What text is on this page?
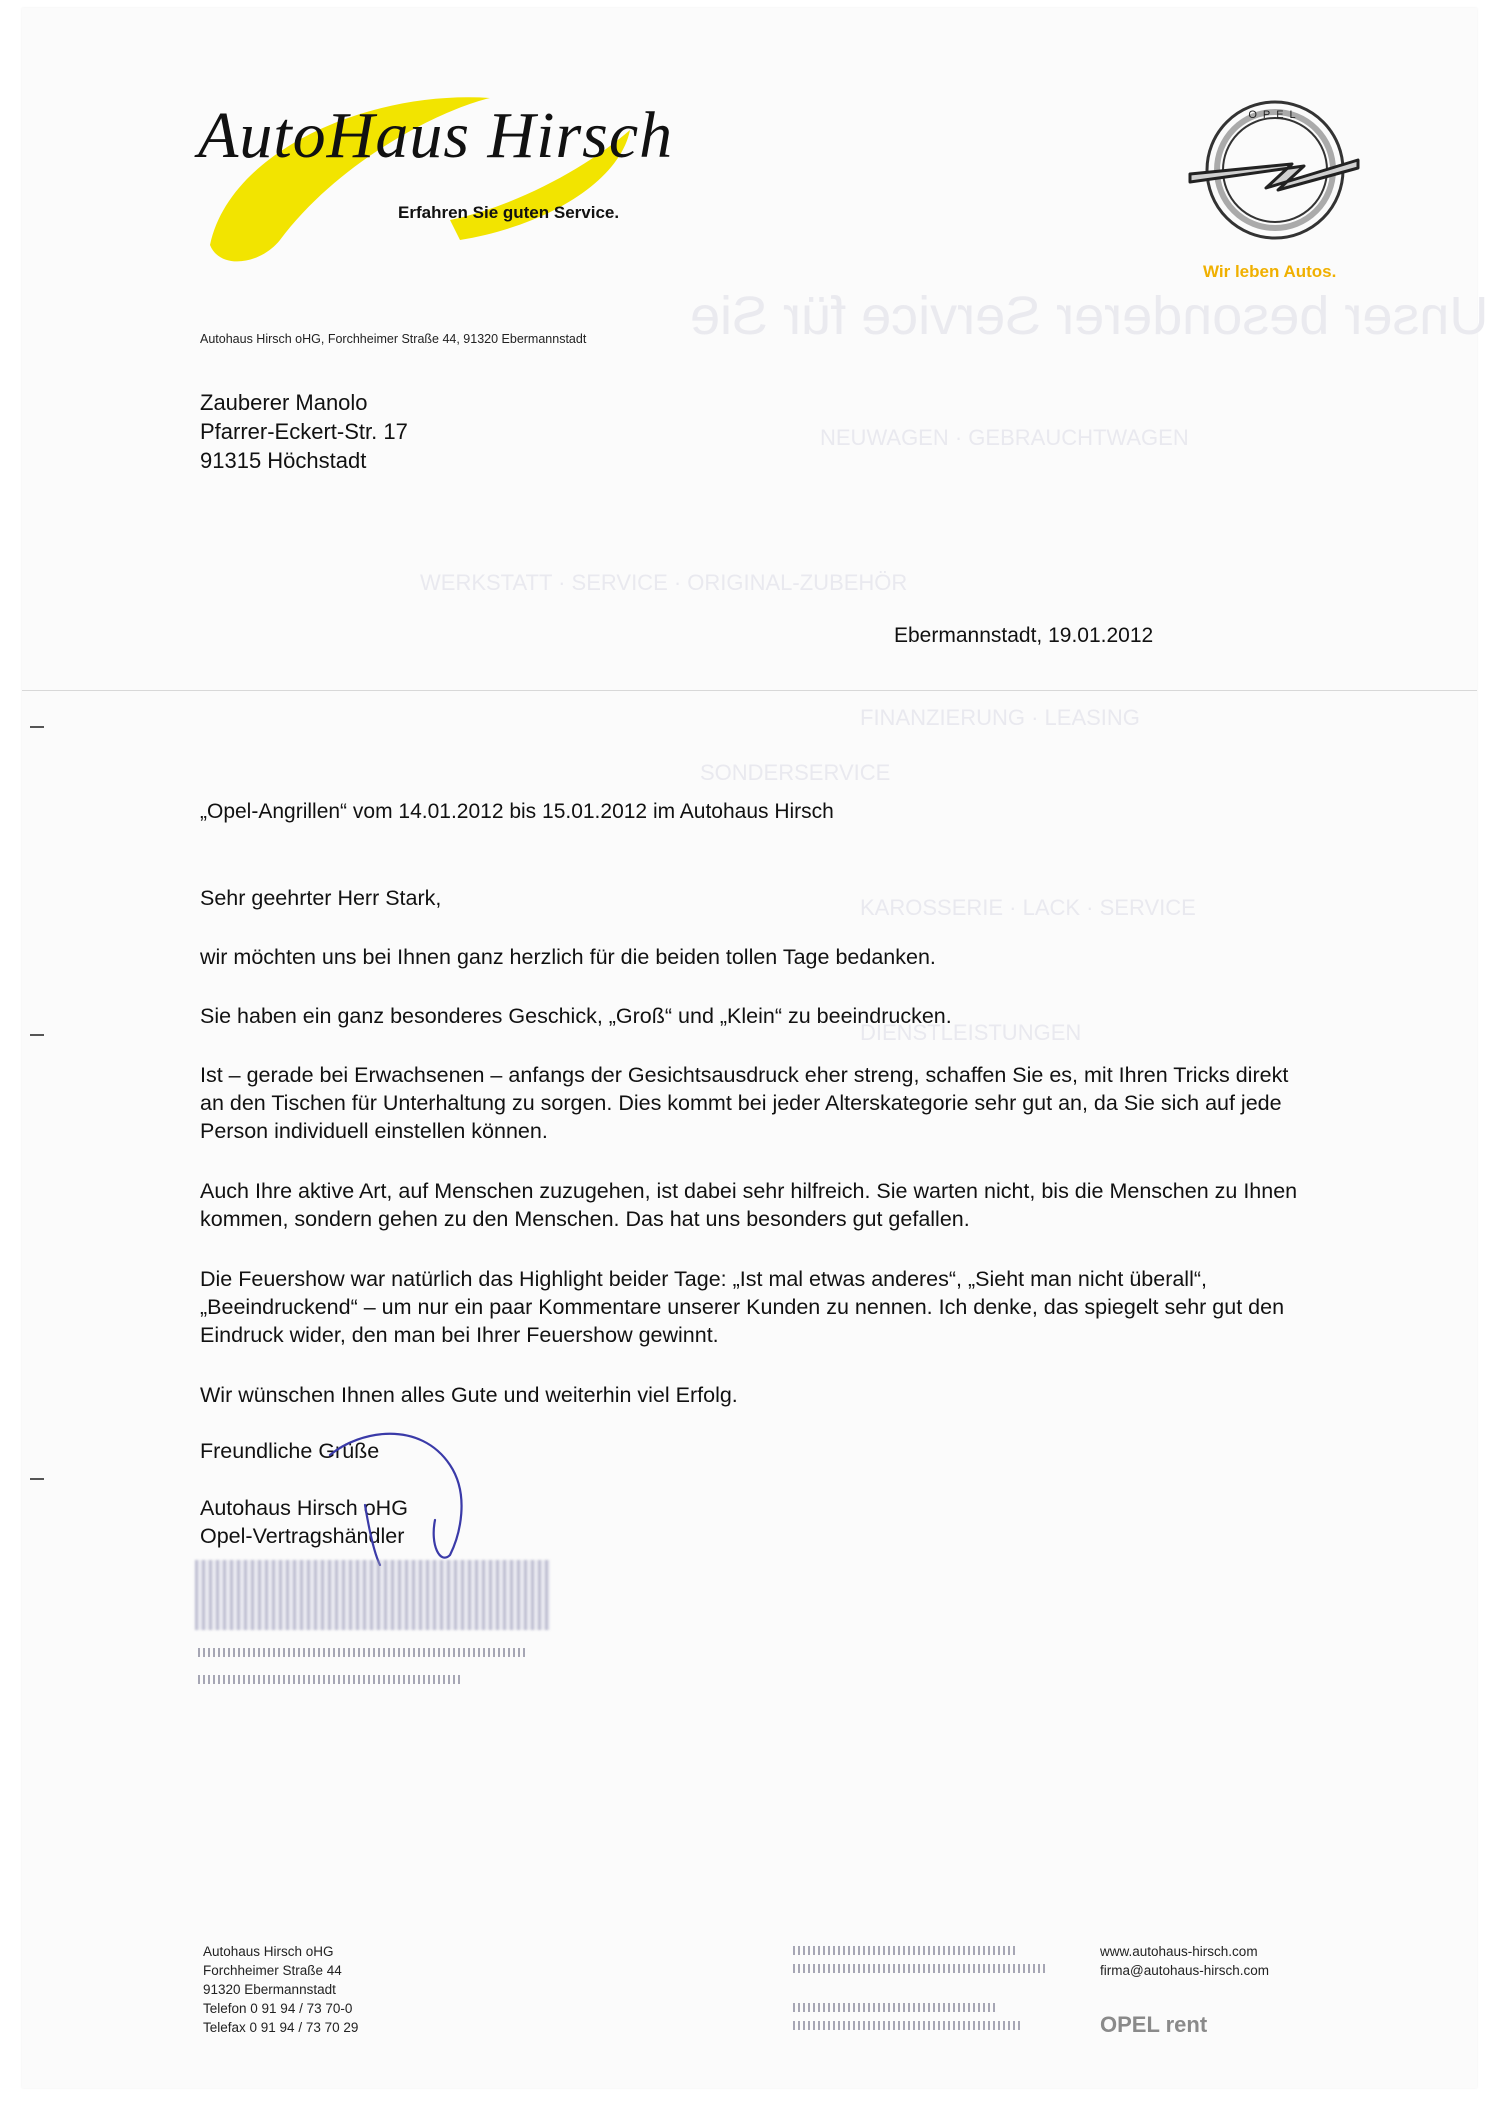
Unser besonderer Service für Sie
NEUWAGEN · GEBRAUCHTWAGEN
WERKSTATT · SERVICE · ORIGINAL-ZUBEHÖR
FINANZIERUNG · LEASING
SONDERSERVICE
KAROSSERIE · LACK · SERVICE
DIENSTLEISTUNGEN
AutoHaus Hirsch
Erfahren Sie guten Service.
OPEL
Wir leben Autos.
Autohaus Hirsch oHG, Forchheimer Straße 44, 91320 Ebermannstadt
Zauberer Manolo
Pfarrer-Eckert-Str. 17
91315 Höchstadt
Ebermannstadt, 19.01.2012
„Opel-Angrillen“ vom 14.01.2012 bis 15.01.2012 im Autohaus Hirsch

Sehr geehrter Herr Stark,

wir möchten uns bei Ihnen ganz herzlich für die beiden tollen Tage bedanken.

Sie haben ein ganz besonderes Geschick, „Groß“ und „Klein“ zu beeindrucken.

Ist – gerade bei Erwachsenen – anfangs der Gesichtsausdruck eher streng, schaffen Sie es, mit Ihren Tricks direkt an den Tischen für Unterhaltung zu sorgen. Dies kommt bei jeder Alterskategorie sehr gut an, da Sie sich auf jede Person individuell einstellen können.

Auch Ihre aktive Art, auf Menschen zuzugehen, ist dabei sehr hilfreich. Sie warten nicht, bis die Menschen zu Ihnen kommen, sondern gehen zu den Menschen. Das hat uns besonders gut gefallen.

Die Feuershow war natürlich das Highlight beider Tage: „Ist mal etwas anderes“, „Sieht man nicht überall“, „Beeindruckend“ – um nur ein paar Kommentare unserer Kunden zu nennen. Ich denke, das spiegelt sehr gut den Eindruck wider, den man bei Ihrer Feuershow gewinnt.

Wir wünschen Ihnen alles Gute und weiterhin viel Erfolg.

Freundliche Grüße

Autohaus Hirsch oHG

Opel-Vertragshändler

Autohaus Hirsch oHG
Forchheimer Straße 44
91320 Ebermannstadt
Telefon 0 91 94 / 73 70-0
Telefax 0 91 94 / 73 70 29
www.autohaus-hirsch.com
firma@autohaus-hirsch.com
OPEL rent
